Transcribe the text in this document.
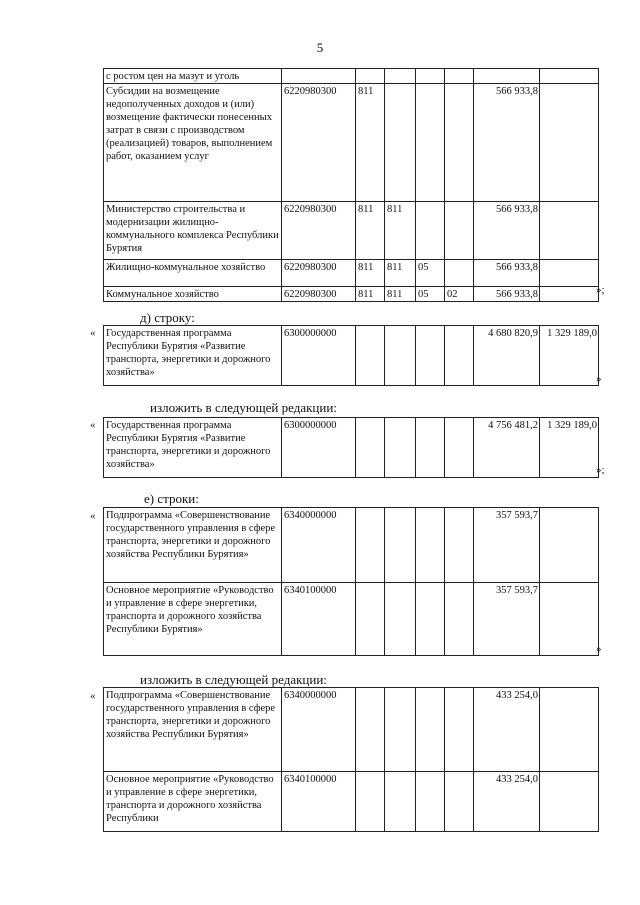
5
с ростом цен на мазут и уголь							
Субсидии на возмещение недополученных доходов и (или) возмещение фактически понесенных затрат в связи с производством (реализацией) товаров, выполнением работ, оказанием услуг	6220980300	811				566 933,8	
Министерство строительства и модернизации жилищно-коммунального комплекса Республики Бурятия	6220980300	811	811			566 933,8	
Жилищно-коммунальное хозяйство	6220980300	811	811	05		566 933,8	
Коммунальное хозяйство	6220980300	811	811	05	02	566 933,8		»;
д) строку:
« Государственная программа Республики Бурятия «Развитие транспорта, энергетики и дорожного хозяйства»	6300000000					4 680 820,9	1 329 189,0
»
изложить в следующей редакции:
« Государственная программа Республики Бурятия «Развитие транспорта, энергетики и дорожного хозяйства»	6300000000					4 756 481,2	1 329 189,0
»;
е) строки:
« Подпрограмма «Совершенствование государственного управления в сфере транспорта, энергетики и дорожного хозяйства Республики Бурятия»	6340000000					357 593,7	
Основное мероприятие «Руководство и управление в сфере энергетики, транспорта и дорожного хозяйства Республики Бурятия»	6340100000					357 593,7	
»
изложить в следующей редакции:
« Подпрограмма «Совершенствование государственного управления в сфере транспорта, энергетики и дорожного хозяйства Республики Бурятия»	6340000000					433 254,0	
Основное мероприятие «Руководство и управление в сфере энергетики, транспорта и дорожного хозяйства Республики	6340100000					433 254,0	
